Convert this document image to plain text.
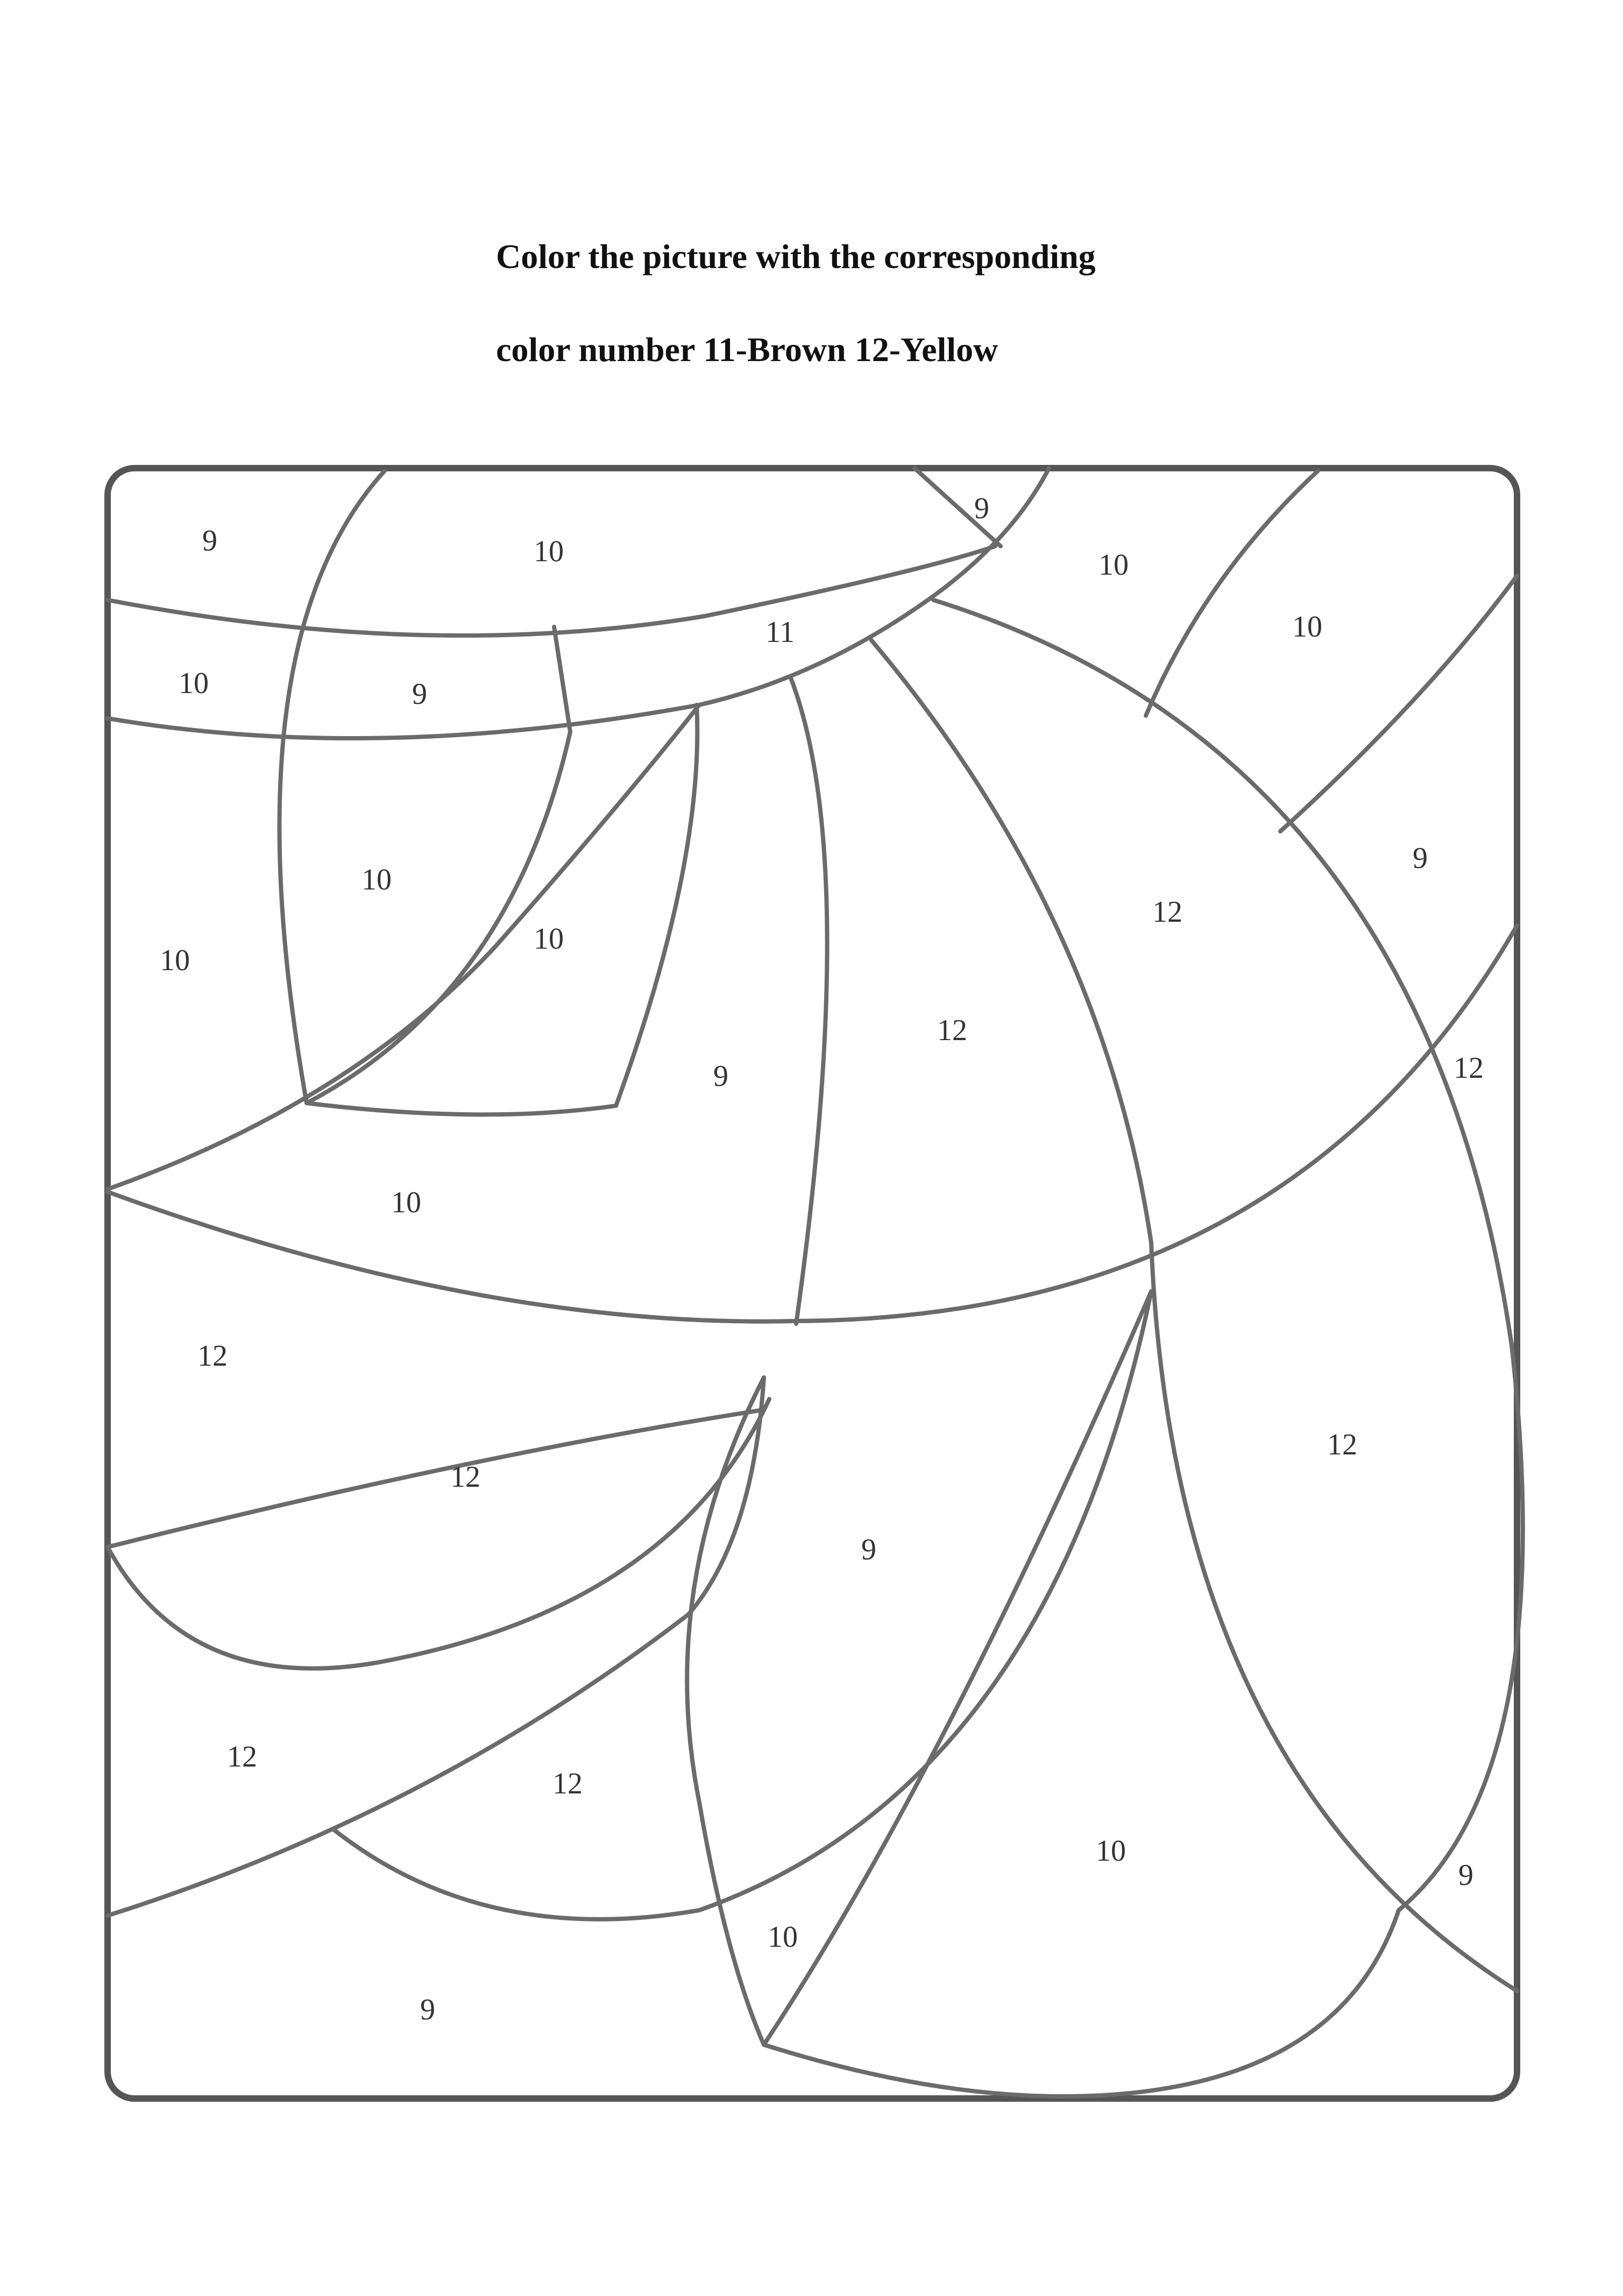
Color the picture with the corresponding
color number 11-Brown 12-Yellow
9	10
9
10
10
10	9
11
10
12
9
10
12
10
9	12
10
12
12
12
9
12
12
10
9
10
9
